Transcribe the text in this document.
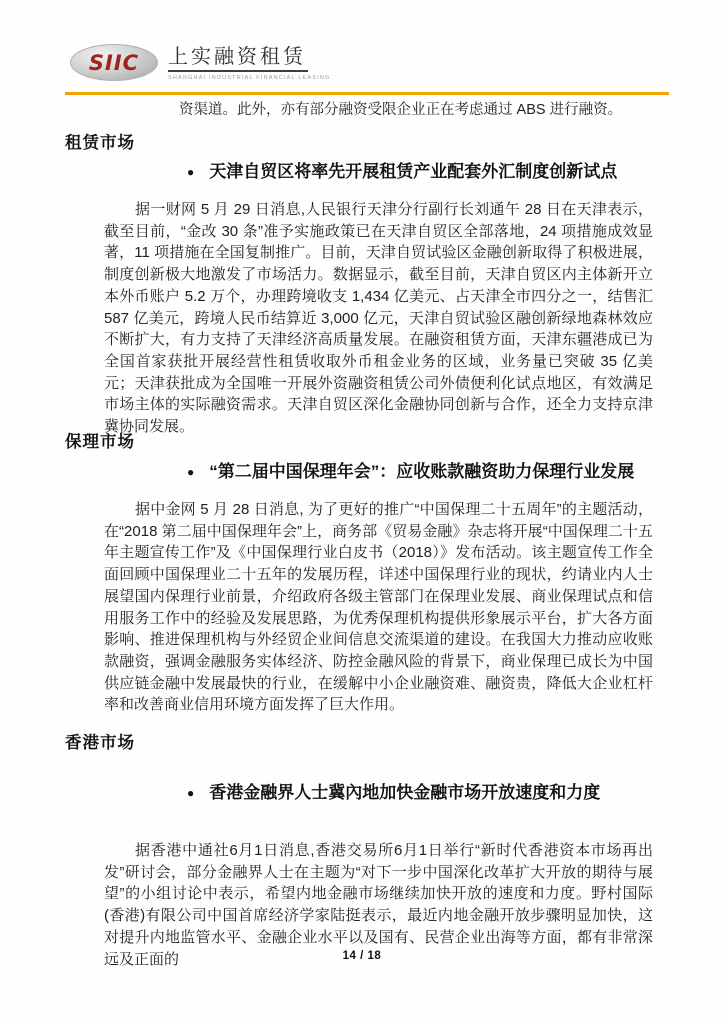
SIIC 上实融资租赁
SHANGHAI INDUSTRIAL FINANCIAL LEASING
资渠道。此外，亦有部分融资受限企业正在考虑通过 ABS 进行融资。
租赁市场
● 天津自贸区将率先开展租赁产业配套外汇制度创新试点
据一财网 5 月 29 日消息,人民银行天津分行副行长刘通午 28 日在天津表示，截至目前，“金改 30 条”准予实施政策已在天津自贸区全部落地，24 项措施成效显著，11 项措施在全国复制推广。目前，天津自贸试验区金融创新取得了积极进展，制度创新极大地激发了市场活力。数据显示，截至目前，天津自贸区内主体新开立本外币账户 5.2 万个，办理跨境收支 1,434 亿美元、占天津全市四分之一，结售汇 587 亿美元，跨境人民币结算近 3,000 亿元，天津自贸试验区融创新绿地森林效应不断扩大，有力支持了天津经济高质量发展。在融资租赁方面，天津东疆港成已为全国首家获批开展经营性租赁收取外币租金业务的区域，业务量已突破 35 亿美元；天津获批成为全国唯一开展外资融资租赁公司外债便利化试点地区，有效满足市场主体的实际融资需求。天津自贸区深化金融协同创新与合作，还全力支持京津冀协同发展。
保理市场
● “第二届中国保理年会”：应收账款融资助力保理行业发展
据中金网 5 月 28 日消息, 为了更好的推广“中国保理二十五周年”的主题活动，在“2018 第二届中国保理年会”上，商务部《贸易金融》杂志将开展“中国保理二十五年主题宣传工作”及《中国保理行业白皮书（2018）》发布活动。该主题宣传工作全面回顾中国保理业二十五年的发展历程，详述中国保理行业的现状，约请业内人士展望国内保理行业前景，介绍政府各级主管部门在保理业发展、商业保理试点和信用服务工作中的经验及发展思路，为优秀保理机构提供形象展示平台，扩大各方面影响、推进保理机构与外经贸企业间信息交流渠道的建设。在我国大力推动应收账款融资，强调金融服务实体经济、防控金融风险的背景下，商业保理已成长为中国供应链金融中发展最快的行业，在缓解中小企业融资难、融资贵，降低大企业杠杆率和改善商业信用环境方面发挥了巨大作用。
香港市场
● 香港金融界人士冀內地加快金融市场开放速度和力度
据香港中通社6月1日消息,香港交易所6月1日举行“新时代香港资本市场再出发”研讨会，部分金融界人士在主题为“对下一步中国深化改革扩大开放的期待与展望”的小组讨论中表示，希望内地金融市场继续加快开放的速度和力度。野村国际(香港)有限公司中国首席经济学家陆挺表示，最近内地金融开放步骤明显加快，这对提升内地监管水平、金融企业水平以及国有、民营企业出海等方面，都有非常深远及正面的	14 / 18
